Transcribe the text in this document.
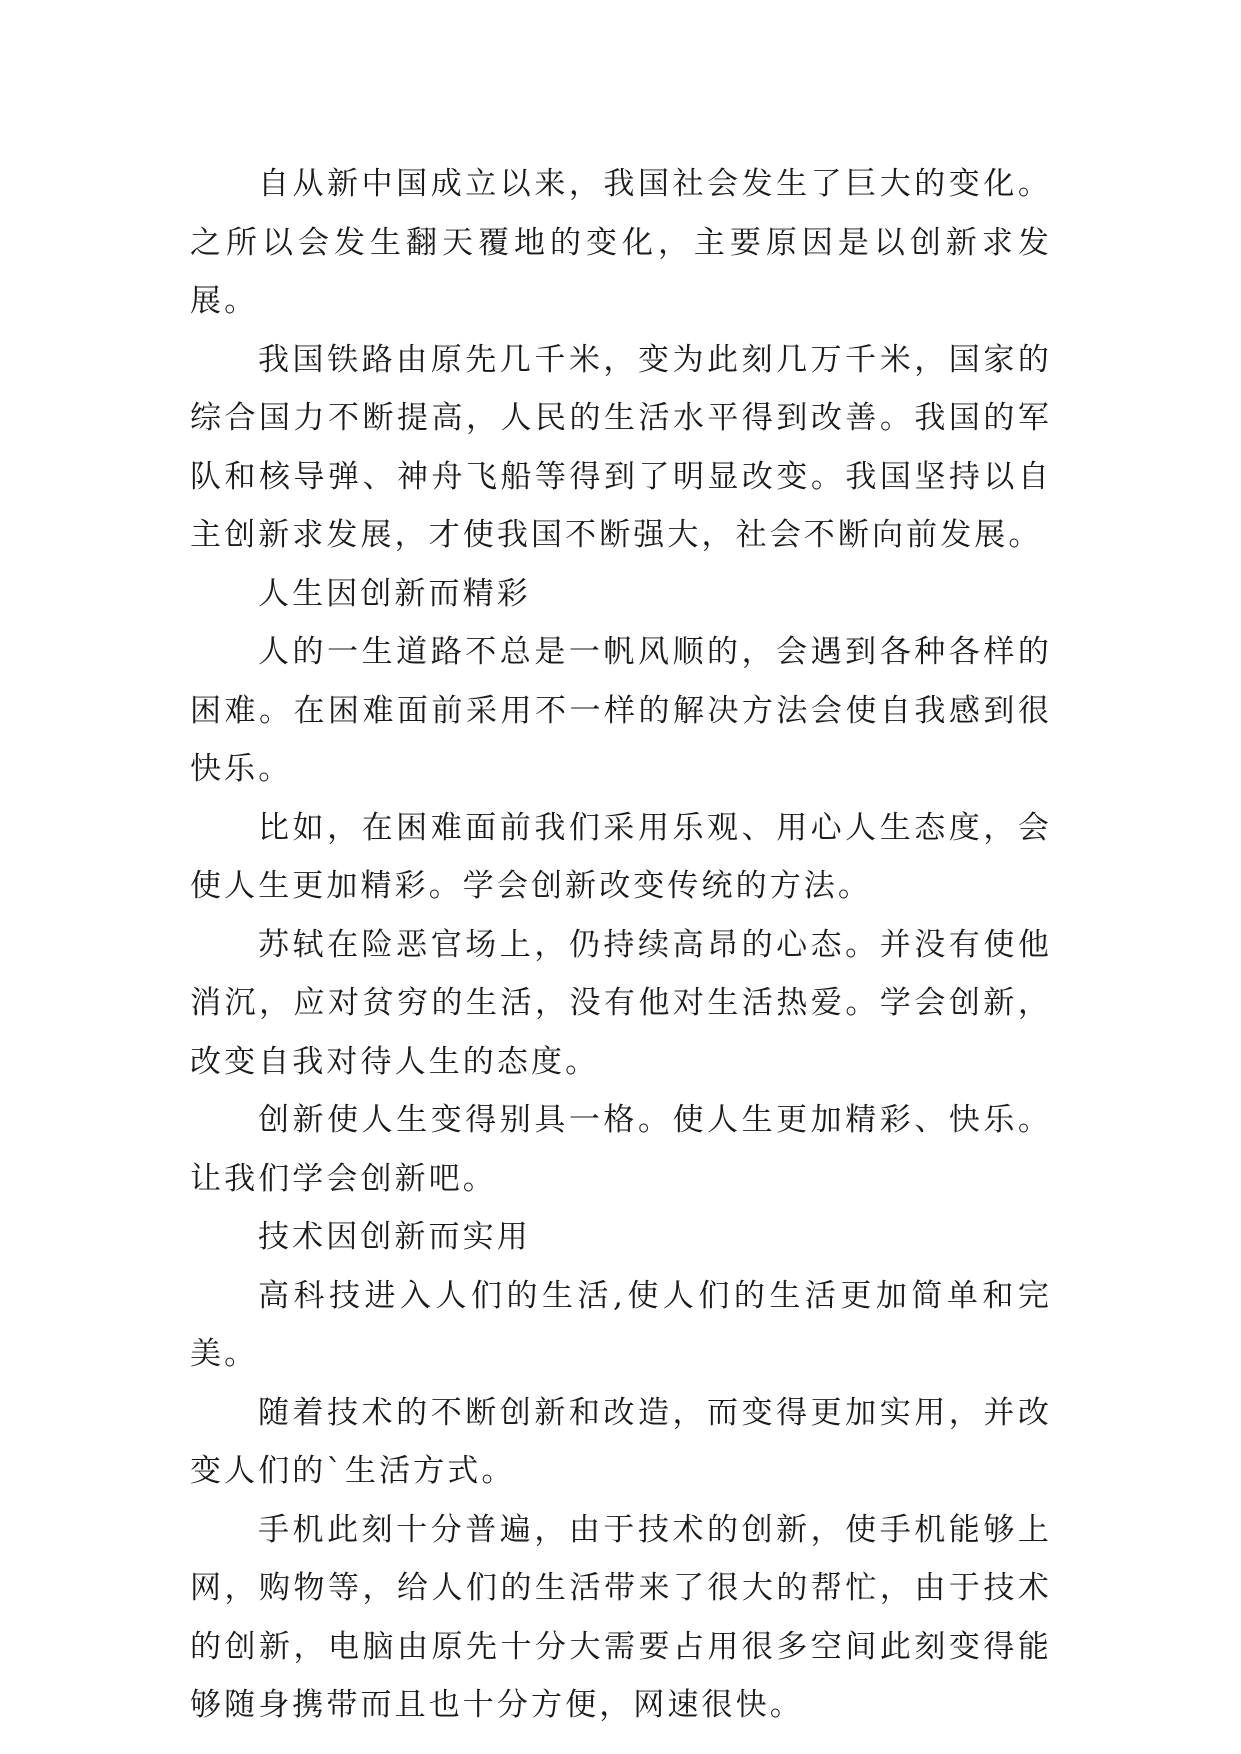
自从新中国成立以来，我国社会发生了巨大的变化。之所以会发生翻天覆地的变化，主要原因是以创新求发展。

我国铁路由原先几千米，变为此刻几万千米，国家的综合国力不断提高，人民的生活水平得到改善。我国的军队和核导弹、神舟飞船等得到了明显改变。我国坚持以自主创新求发展，才使我国不断强大，社会不断向前发展。

人生因创新而精彩

人的一生道路不总是一帆风顺的，会遇到各种各样的困难。在困难面前采用不一样的解决方法会使自我感到很快乐。

比如，在困难面前我们采用乐观、用心人生态度，会使人生更加精彩。学会创新改变传统的方法。

苏轼在险恶官场上，仍持续高昂的心态。并没有使他消沉，应对贫穷的生活，没有他对生活热爱。学会创新，改变自我对待人生的态度。

创新使人生变得别具一格。使人生更加精彩、快乐。让我们学会创新吧。

技术因创新而实用

高科技进入人们的生活,使人们的生活更加简单和完美。

随着技术的不断创新和改造，而变得更加实用，并改变人们的`生活方式。

手机此刻十分普遍，由于技术的创新，使手机能够上网，购物等，给人们的生活带来了很大的帮忙，由于技术的创新，电脑由原先十分大需要占用很多空间此刻变得能够随身携带而且也十分方便，网速很快。
